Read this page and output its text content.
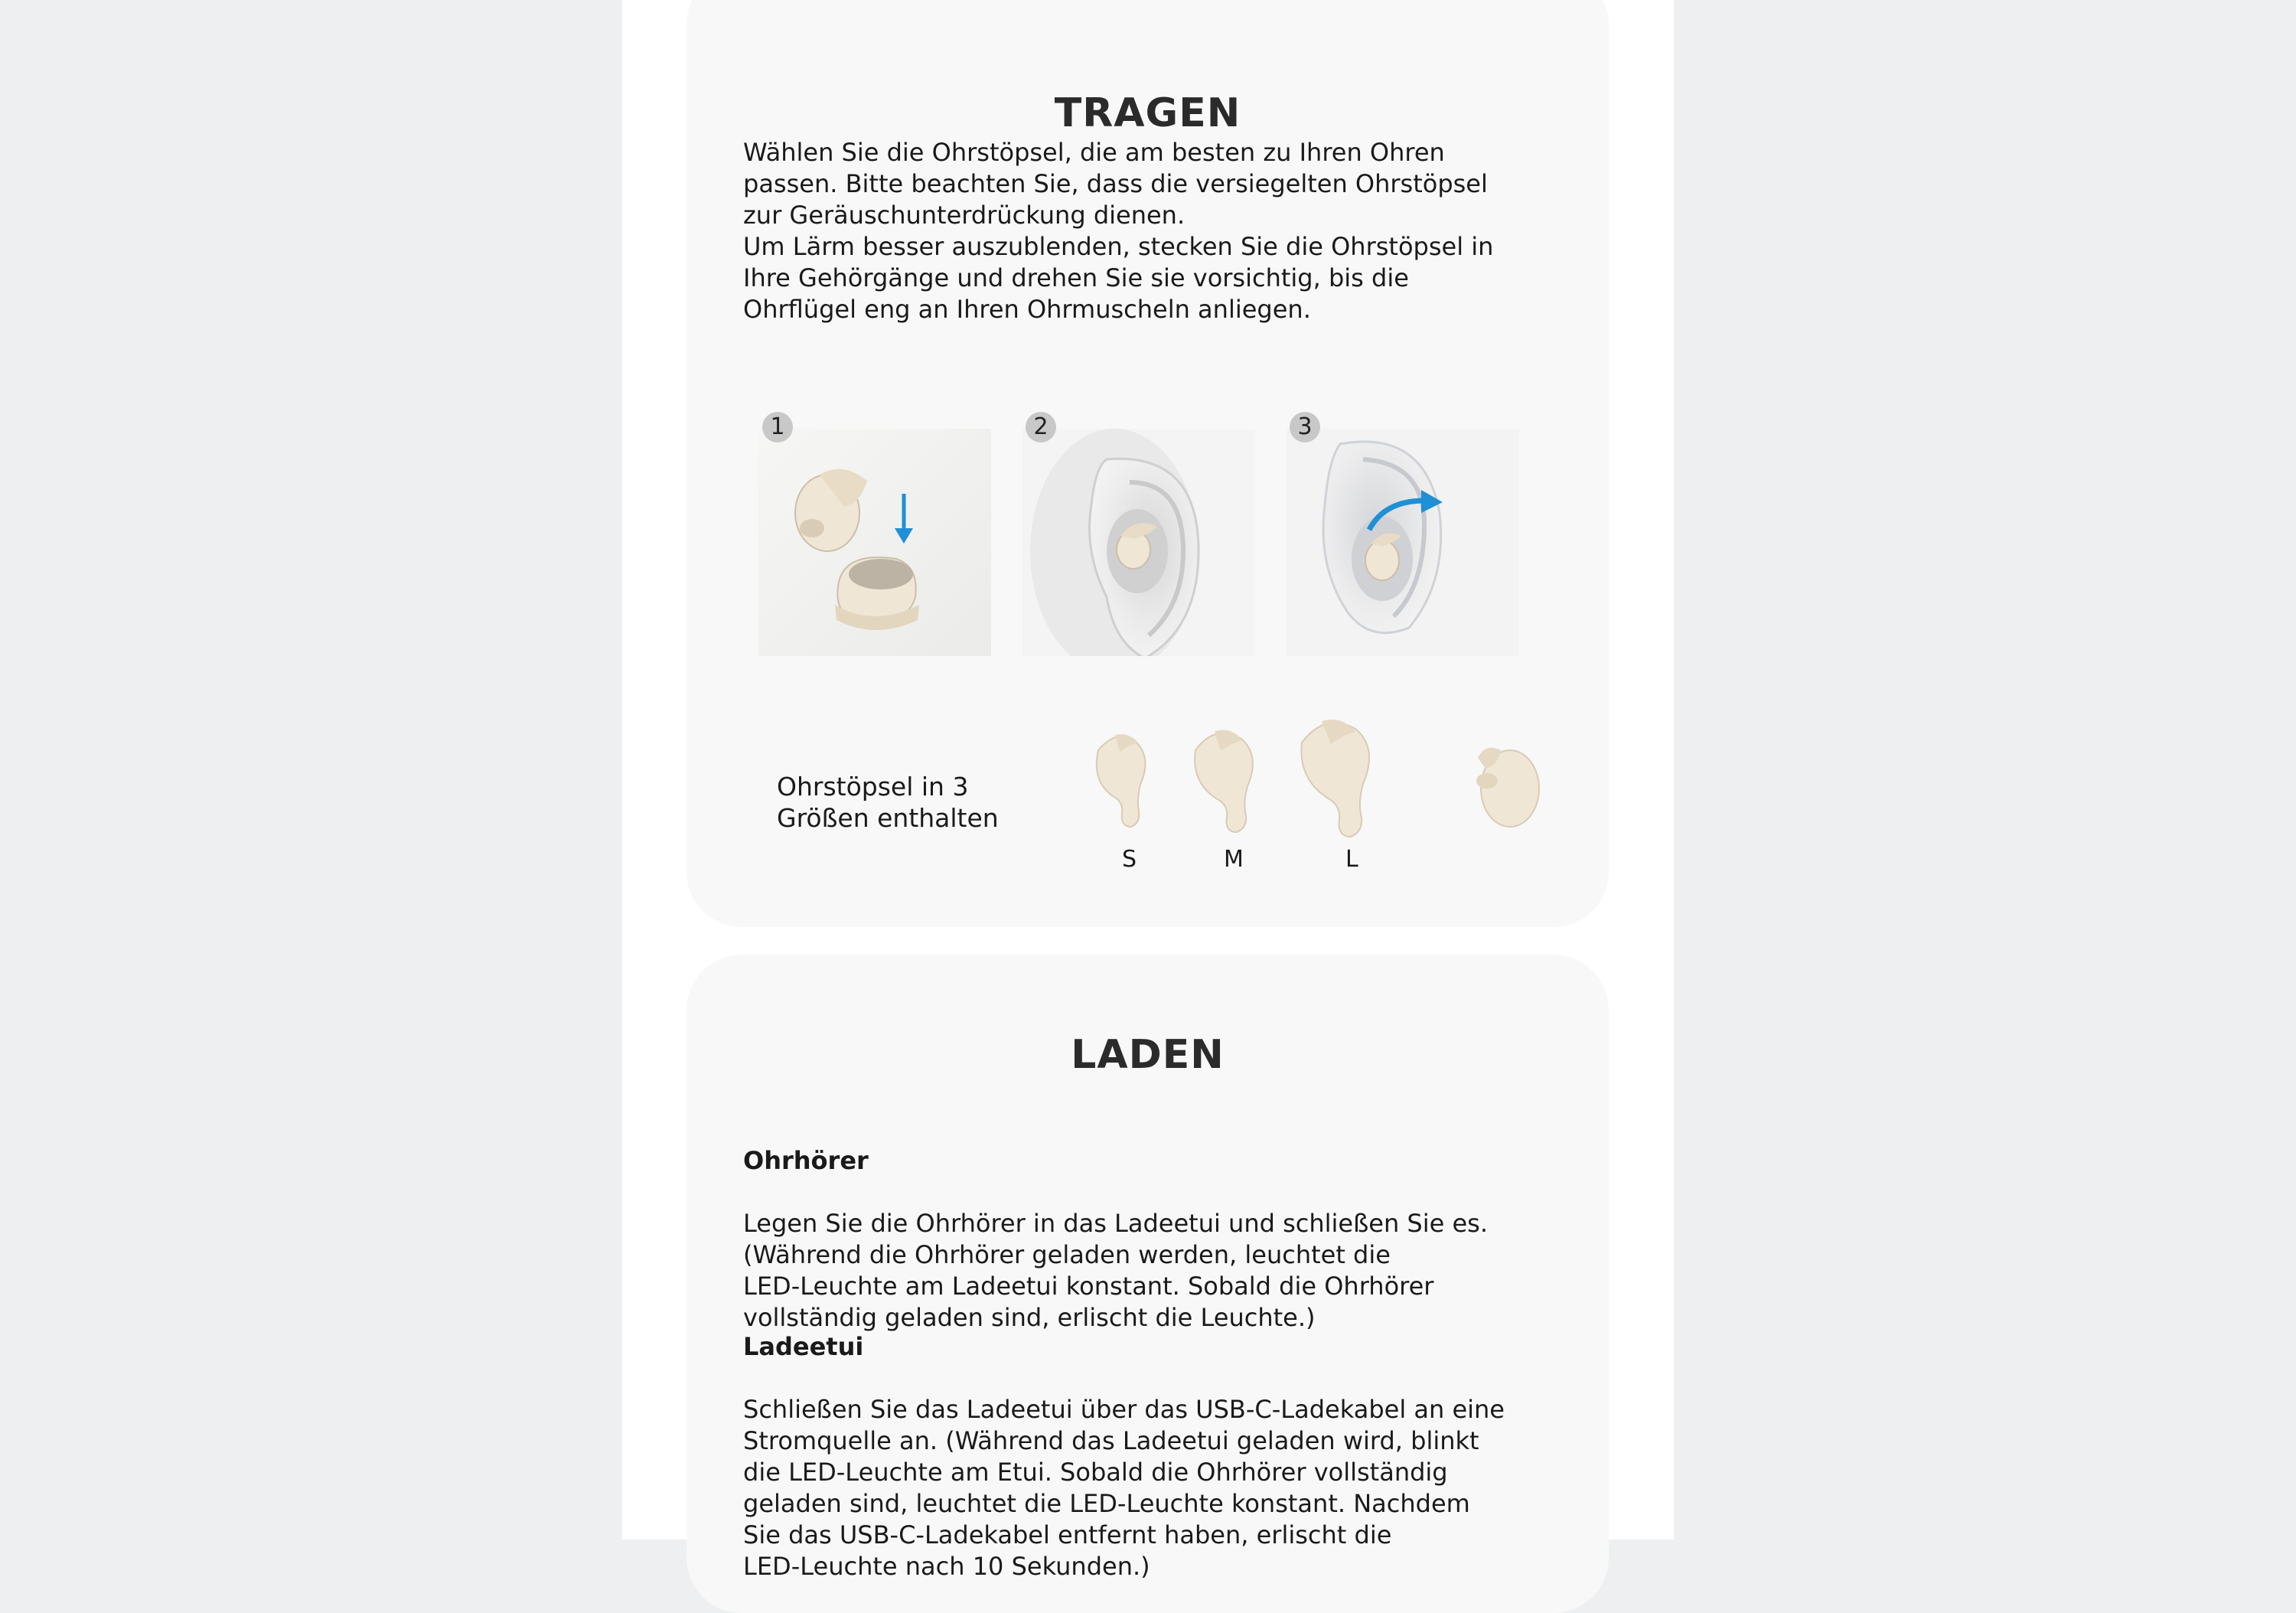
TRAGEN

Wählen Sie die Ohrstöpsel, die am besten zu Ihren Ohren
passen. Bitte beachten Sie, dass die versiegelten Ohrstöpsel
zur Geräuschunterdrückung dienen.
Um Lärm besser auszublenden, stecken Sie die Ohrstöpsel in
Ihre Gehörgänge und drehen Sie sie vorsichtig, bis die
Ohrflügel eng an Ihren Ohrmuscheln anliegen.

1	2	3

Ohrstöpsel in 3
Größen enthalten

S	M	L
LADEN

Ohrhörer

Legen Sie die Ohrhörer in das Ladeetui und schließen Sie es.
(Während die Ohrhörer geladen werden, leuchtet die
LED-Leuchte am Ladeetui konstant. Sobald die Ohrhörer
vollständig geladen sind, erlischt die Leuchte.)

Ladeetui

Schließen Sie das Ladeetui über das USB-C-Ladekabel an eine
Stromquelle an. (Während das Ladeetui geladen wird, blinkt
die LED-Leuchte am Etui. Sobald die Ohrhörer vollständig
geladen sind, leuchtet die LED-Leuchte konstant. Nachdem
Sie das USB-C-Ladekabel entfernt haben, erlischt die
LED-Leuchte nach 10 Sekunden.)
